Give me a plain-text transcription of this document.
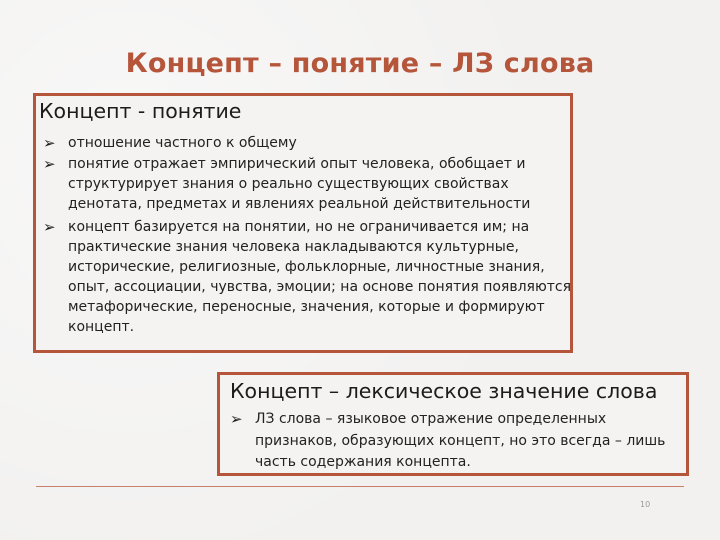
Концепт – понятие – ЛЗ слова
Концепт - понятие
➢ отношение частного к общему
➢ понятие отражает эмпирический опыт человека, обобщает и структурирует знания о реально существующих свойствах денотата, предметах и явлениях реальной действительности
➢ концепт базируется на понятии, но не ограничивается им; на практические знания человека накладываются культурные, исторические, религиозные, фольклорные, личностные знания, опыт, ассоциации, чувства, эмоции; на основе понятия появляются метафорические, переносные, значения, которые и формируют концепт.
Концепт – лексическое значение слова
➢ ЛЗ слова – языковое отражение определенных признаков, образующих концепт, но это всегда – лишь часть содержания концепта.
10
